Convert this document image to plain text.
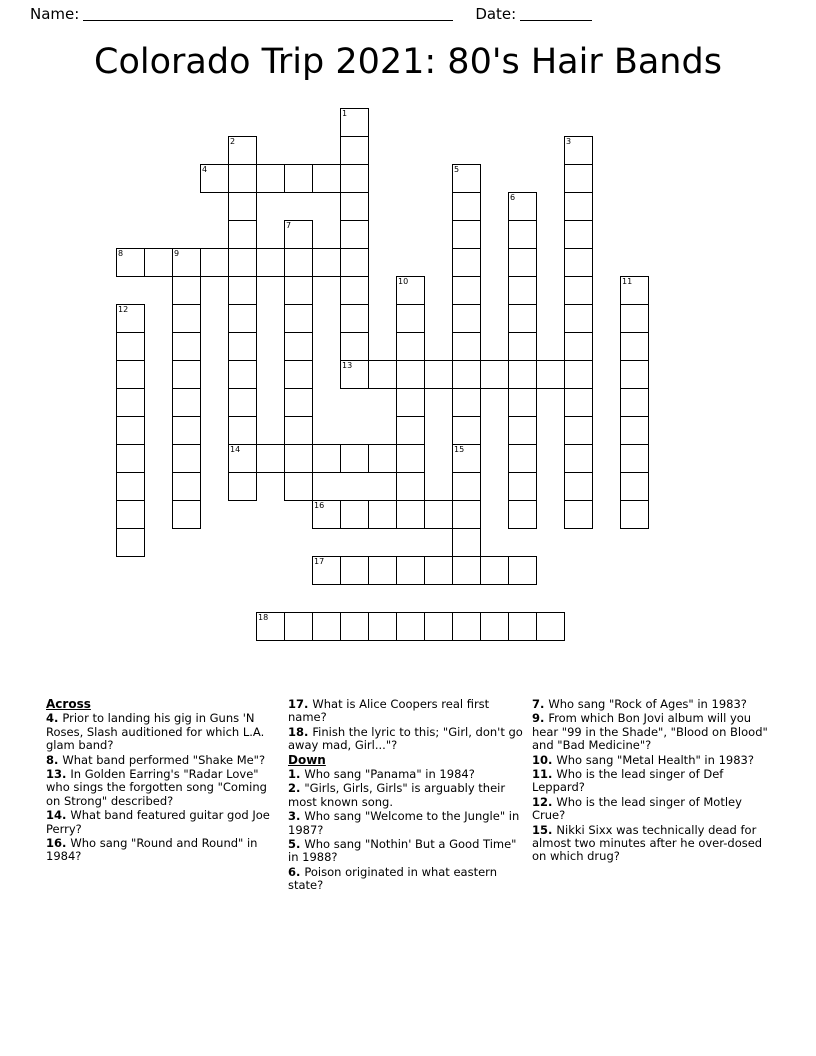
Name:	Date:
Colorado Trip 2021: 80's Hair Bands
1
2	3
4	5
6
7
8	9
10	11
12
13
14	15
16
17
18
Across
4. Prior to landing his gig in Guns 'N Roses, Slash auditioned for which L.A. glam band?
8. What band performed "Shake Me"?
13. In Golden Earring's "Radar Love" who sings the forgotten song "Coming on Strong" described?
14. What band featured guitar god Joe Perry?
16. Who sang "Round and Round" in 1984?
17. What is Alice Coopers real first name?
18. Finish the lyric to this; "Girl, don't go away mad, Girl..."?
Down
1. Who sang "Panama" in 1984?
2. "Girls, Girls, Girls" is arguably their most known song.
3. Who sang "Welcome to the Jungle" in 1987?
5. Who sang "Nothin' But a Good Time" in 1988?
6. Poison originated in what eastern state?
7. Who sang "Rock of Ages" in 1983?
9. From which Bon Jovi album will you hear "99 in the Shade", "Blood on Blood" and "Bad Medicine"?
10. Who sang "Metal Health" in 1983?
11. Who is the lead singer of Def Leppard?
12. Who is the lead singer of Motley Crue?
15. Nikki Sixx was technically dead for almost two minutes after he over-dosed on which drug?
